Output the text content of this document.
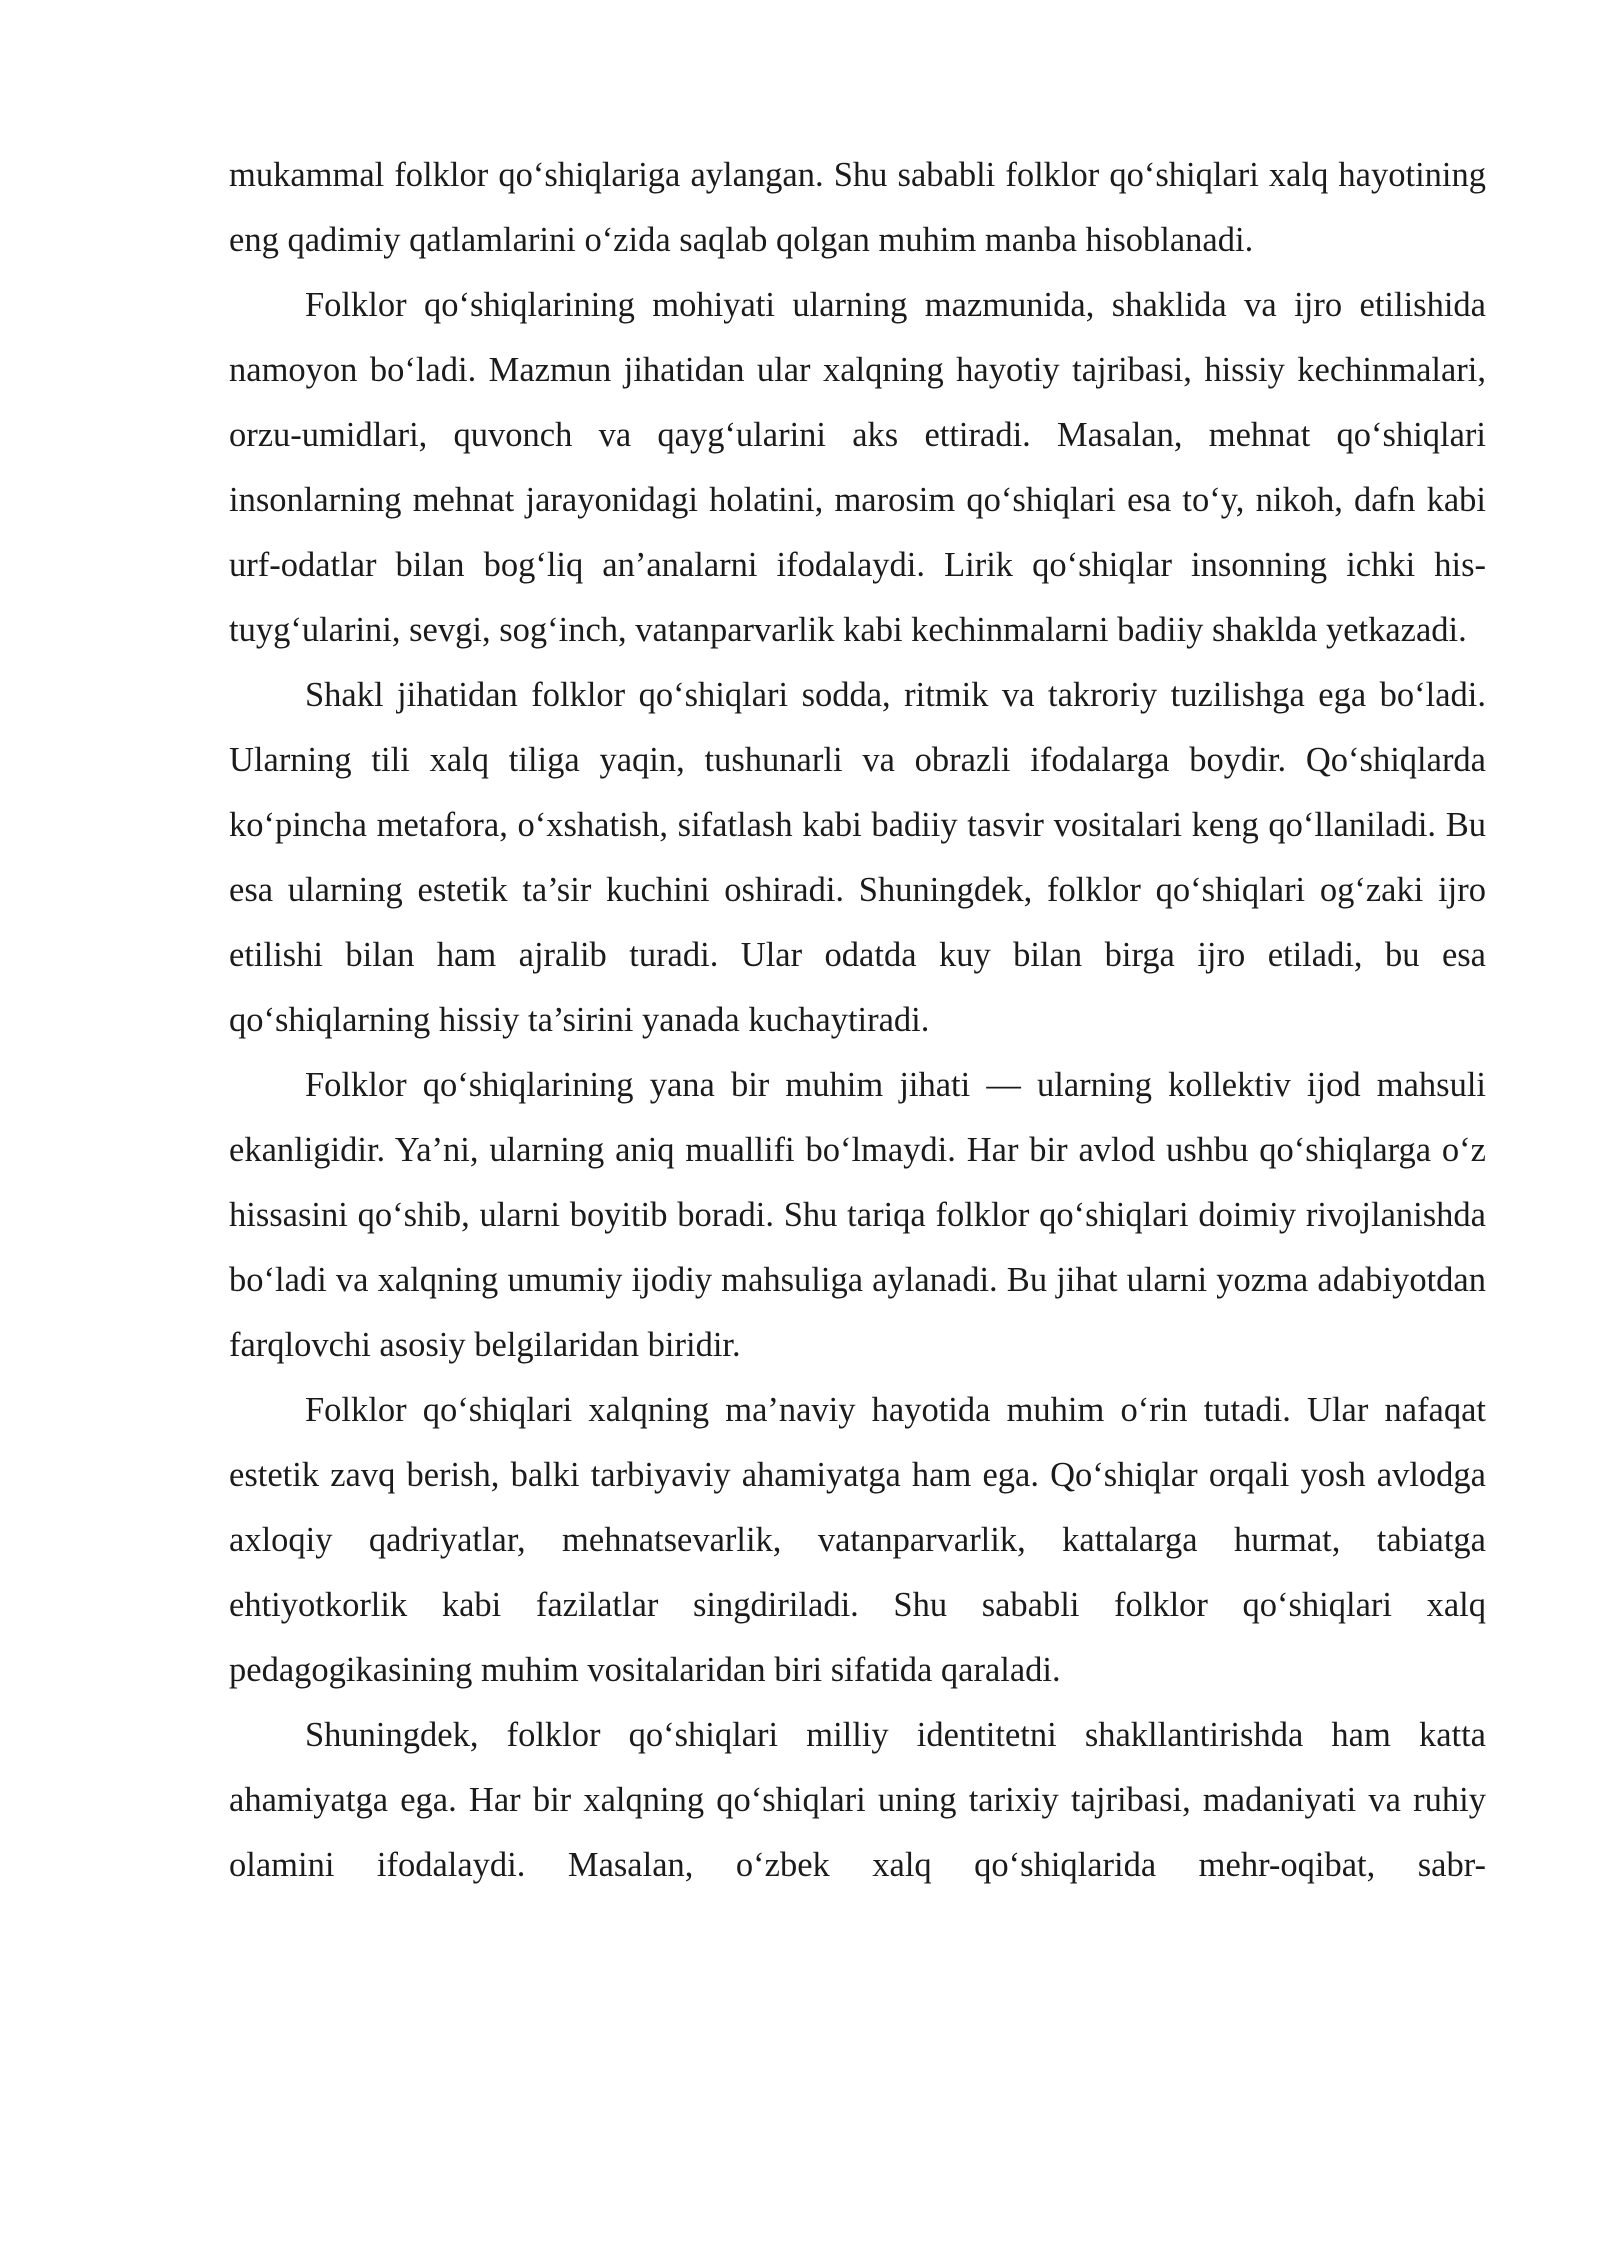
mukammal folklor qo‘shiqlariga aylangan. Shu sababli folklor qo‘shiqlari xalq hayotining eng qadimiy qatlamlarini o‘zida saqlab qolgan muhim manba hisoblanadi.

Folklor qo‘shiqlarining mohiyati ularning mazmunida, shaklida va ijro etilishida namoyon bo‘ladi. Mazmun jihatidan ular xalqning hayotiy tajribasi, hissiy kechinmalari, orzu-umidlari, quvonch va qayg‘ularini aks ettiradi. Masalan, mehnat qo‘shiqlari insonlarning mehnat jarayonidagi holatini, marosim qo‘shiqlari esa to‘y, nikoh, dafn kabi urf-odatlar bilan bog‘liq an’analarni ifodalaydi. Lirik qo‘shiqlar insonning ichki his-tuyg‘ularini, sevgi, sog‘inch, vatanparvarlik kabi kechinmalarni badiiy shaklda yetkazadi.

Shakl jihatidan folklor qo‘shiqlari sodda, ritmik va takroriy tuzilishga ega bo‘ladi. Ularning tili xalq tiliga yaqin, tushunarli va obrazli ifodalarga boydir. Qo‘shiqlarda ko‘pincha metafora, o‘xshatish, sifatlash kabi badiiy tasvir vositalari keng qo‘llaniladi. Bu esa ularning estetik ta’sir kuchini oshiradi. Shuningdek, folklor qo‘shiqlari og‘zaki ijro etilishi bilan ham ajralib turadi. Ular odatda kuy bilan birga ijro etiladi, bu esa qo‘shiqlarning hissiy ta’sirini yanada kuchaytiradi.

Folklor qo‘shiqlarining yana bir muhim jihati — ularning kollektiv ijod mahsuli ekanligidir. Ya’ni, ularning aniq muallifi bo‘lmaydi. Har bir avlod ushbu qo‘shiqlarga o‘z hissasini qo‘shib, ularni boyitib boradi. Shu tariqa folklor qo‘shiqlari doimiy rivojlanishda bo‘ladi va xalqning umumiy ijodiy mahsuliga aylanadi. Bu jihat ularni yozma adabiyotdan farqlovchi asosiy belgilaridan biridir.

Folklor qo‘shiqlari xalqning ma’naviy hayotida muhim o‘rin tutadi. Ular nafaqat estetik zavq berish, balki tarbiyaviy ahamiyatga ham ega. Qo‘shiqlar orqali yosh avlodga axloqiy qadriyatlar, mehnatsevarlik, vatanparvarlik, kattalarga hurmat, tabiatga ehtiyotkorlik kabi fazilatlar singdiriladi. Shu sababli folklor qo‘shiqlari xalq pedagogikasining muhim vositalaridan biri sifatida qaraladi.

Shuningdek, folklor qo‘shiqlari milliy identitetni shakllantirishda ham katta ahamiyatga ega. Har bir xalqning qo‘shiqlari uning tarixiy tajribasi, madaniyati va ruhiy olamini ifodalaydi. Masalan, o‘zbek xalq qo‘shiqlarida mehr-oqibat, sabr-
